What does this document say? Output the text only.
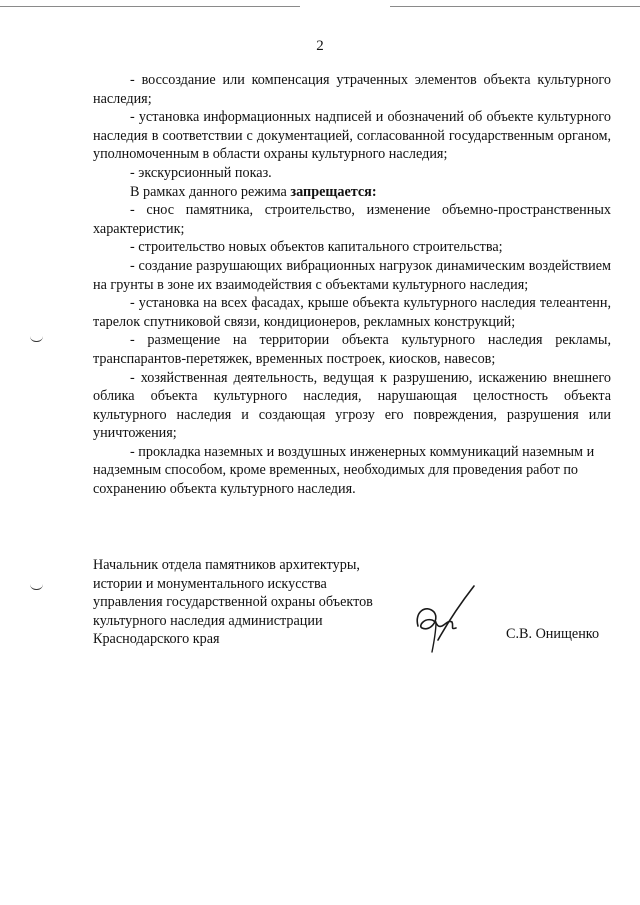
2

- воссоздание или компенсация утраченных элементов объекта культурного наследия;

- установка информационных надписей и обозначений об объекте культурного наследия в соответствии с документацией, согласованной государственным органом, уполномоченным в области охраны культурного наследия;

- экскурсионный показ.

В рамках данного режима запрещается:

- снос памятника, строительство, изменение объемно-пространственных характеристик;

- строительство новых объектов капитального строительства;

- создание разрушающих вибрационных нагрузок динамическим воздействием на грунты в зоне их взаимодействия с объектами культурного наследия;

- установка на всех фасадах, крыше объекта культурного наследия телеантенн, тарелок спутниковой связи, кондиционеров, рекламных конструкций;

- размещение на территории объекта культурного наследия рекламы, транспарантов-перетяжек, временных построек, киосков, навесов;

- хозяйственная деятельность, ведущая к разрушению, искажению внешнего облика объекта культурного наследия, нарушающая целостность объекта культурного наследия и создающая угрозу его повреждения, разрушения или уничтожения;

- прокладка наземных и воздушных инженерных коммуникаций наземным и надземным способом, кроме временных, необходимых для проведения работ по сохранению объекта культурного наследия.

Начальник отдела памятников архитектуры,
истории и монументального искусства
управления государственной охраны объектов
культурного наследия администрации
Краснодарского края	С.В. Онищенко
